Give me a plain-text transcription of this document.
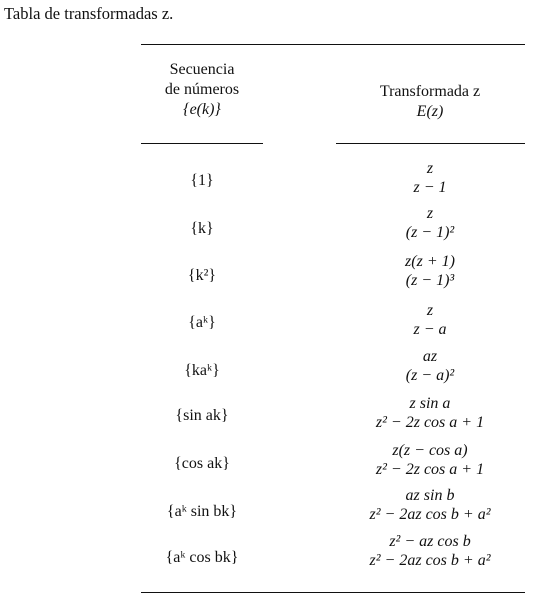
Tabla de transformadas z.
Secuencia
de números
{e(k)}
Transformada z
E(z)
{1}
z
z − 1
{k}
z
(z − 1)²
{k²}
z(z + 1)
(z − 1)³
{aᵏ}
z
z − a
{kaᵏ}
az
(z − a)²
{sin ak}
z sin a
z² − 2z cos a + 1
{cos ak}
z(z − cos a)
z² − 2z cos a + 1
{aᵏ sin bk}
az sin b
z² − 2az cos b + a²
{aᵏ cos bk}
z² − az cos b
z² − 2az cos b + a²
